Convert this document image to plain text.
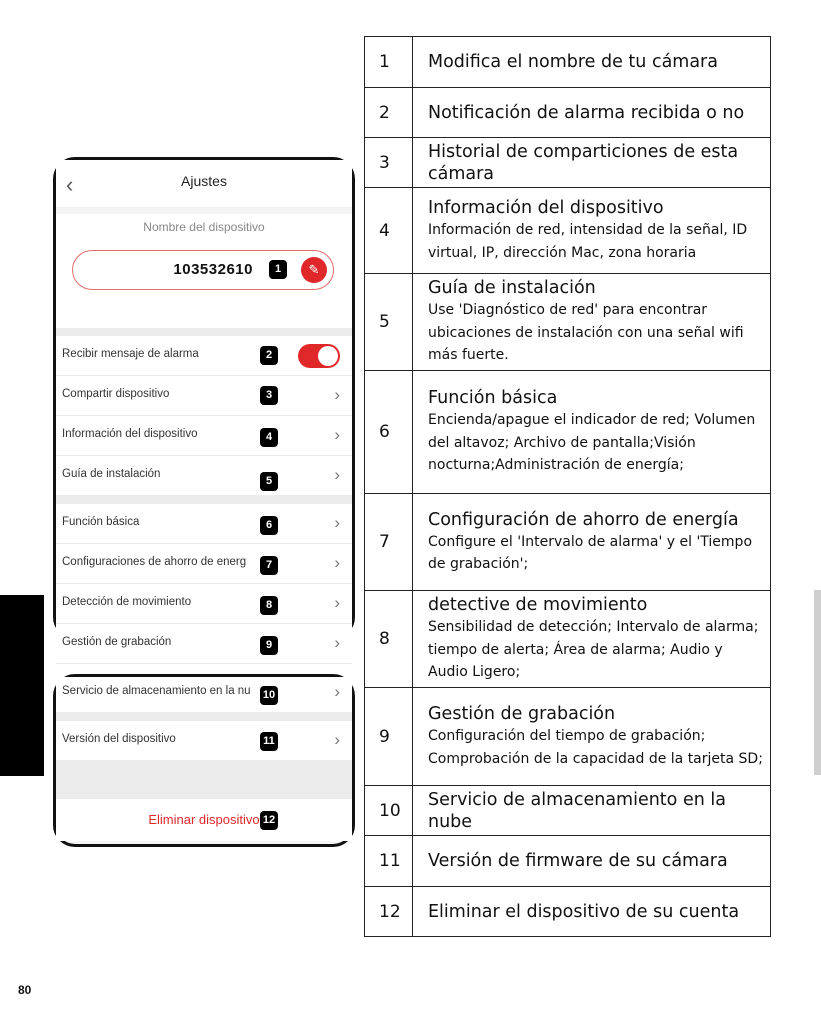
ES
‹	Ajustes
Nombre del dispositivo
103532610	1	✎
Recibir mensaje de alarma	2
Compartir dispositivo	3	›
Información del dispositivo	4	›
Guía de instalación
5	›
Función básica	6	›
Configuraciones de ahorro de energ	7	›
Detección de movimiento	8	›
Gestión de grabación	9	›
Servicio de almacenamiento en la nu 10	›
Versión del dispositivo	11	›
Eliminar dispositivo 12
1	Modifica el nombre de tu cámara

2	Notificación de alarma recibida o no

3	Historial de comparticiones de esta cámara

4	Información del dispositivo
Información de red, intensidad de la señal, ID virtual, IP, dirección Mac, zona horaria

5	Guía de instalación
Use 'Diagnóstico de red' para encontrar ubicaciones de instalación con una señal wifi más fuerte.

6	Función básica
Encienda/apague el indicador de red; Volumen del altavoz; Archivo de pantalla;Visión nocturna;Administración de energía;

7	Configuración de ahorro de energía
Configure el 'Intervalo de alarma' y el 'Tiempo de grabación';

8	detective de movimiento
Sensibilidad de detección; Intervalo de alarma; tiempo de alerta; Área de alarma; Audio y Audio Ligero;

9	Gestión de grabación
Configuración del tiempo de grabación; Comprobación de la capacidad de la tarjeta SD;

10	Servicio de almacenamiento en la nube

11	Versión de firmware de su cámara

12	Eliminar el dispositivo de su cuenta
80
